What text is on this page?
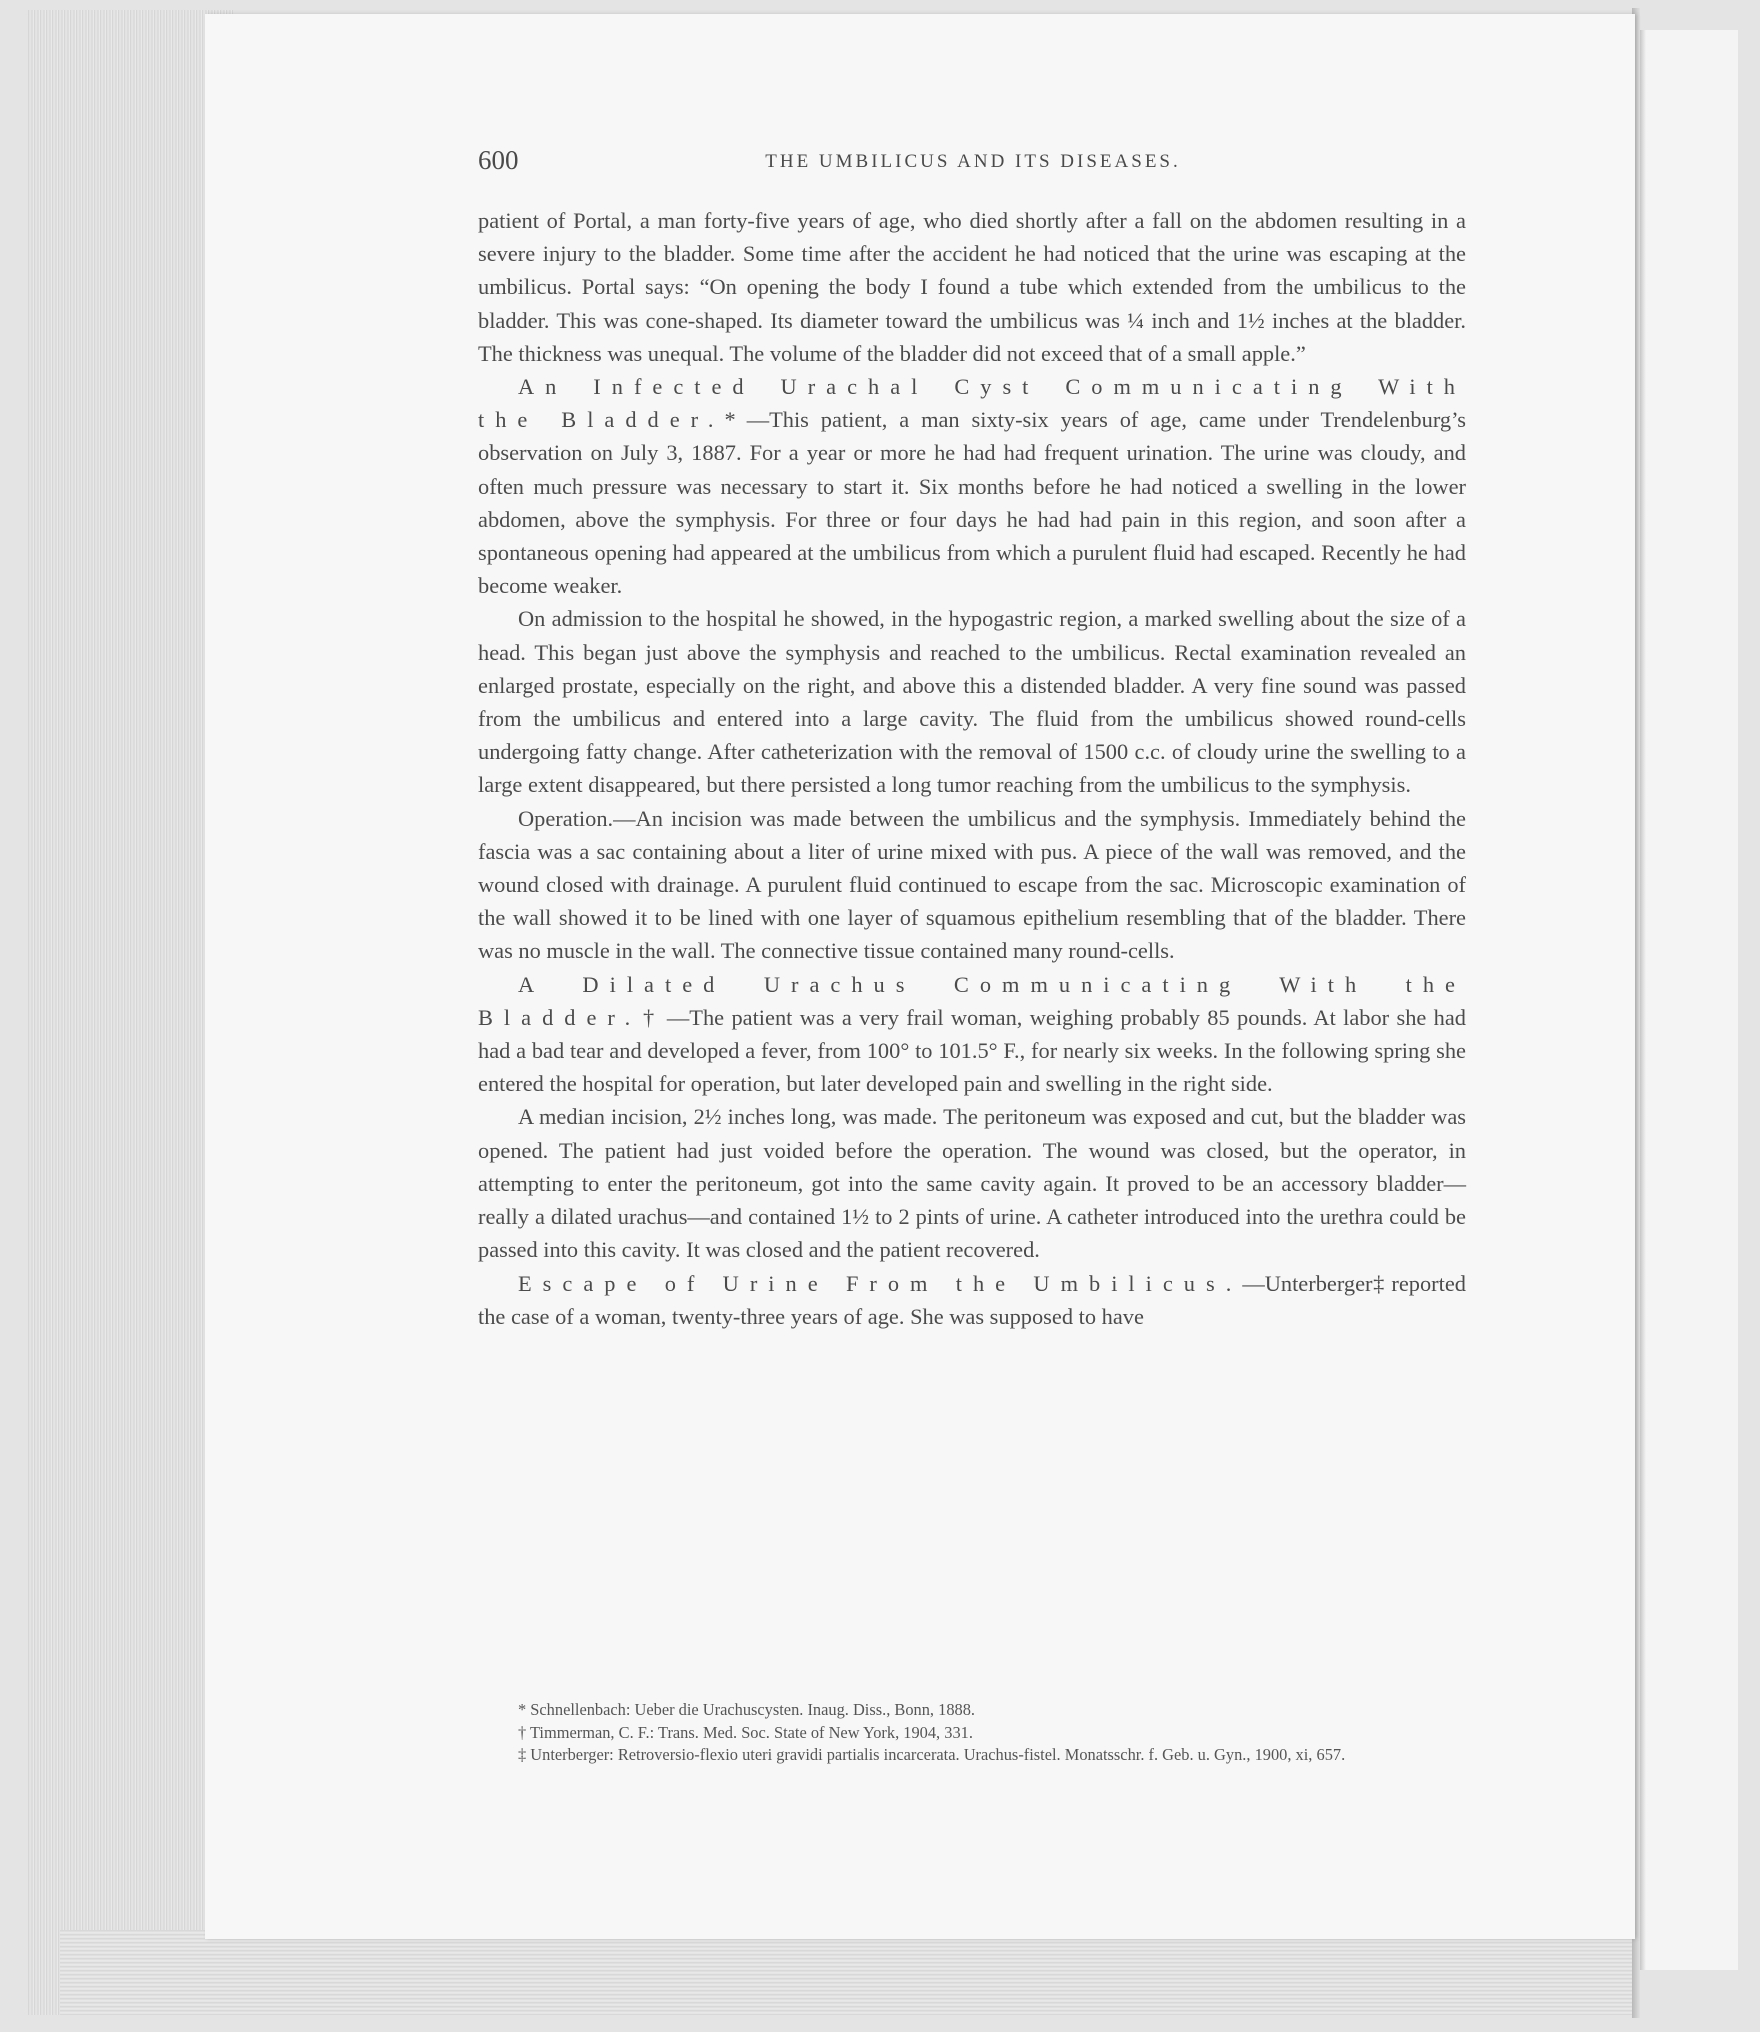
600	THE UMBILICUS AND ITS DISEASES.

patient of Portal, a man forty-five years of age, who died shortly after a fall on the abdomen resulting in a severe injury to the bladder. Some time after the accident he had noticed that the urine was escaping at the umbilicus. Portal says: “On opening the body I found a tube which extended from the umbilicus to the bladder. This was cone-shaped. Its diameter toward the umbilicus was ¼ inch and 1½ inches at the bladder. The thickness was unequal. The volume of the bladder did not exceed that of a small apple.”

An Infected Urachal Cyst Communicating With the Bladder.*—This patient, a man sixty-six years of age, came under Trendelenburg’s observation on July 3, 1887. For a year or more he had had frequent urination. The urine was cloudy, and often much pressure was necessary to start it. Six months before he had noticed a swelling in the lower abdomen, above the symphysis. For three or four days he had had pain in this region, and soon after a spontaneous opening had appeared at the umbilicus from which a purulent fluid had escaped. Recently he had become weaker.

On admission to the hospital he showed, in the hypogastric region, a marked swelling about the size of a head. This began just above the symphysis and reached to the umbilicus. Rectal examination revealed an enlarged prostate, especially on the right, and above this a distended bladder. A very fine sound was passed from the umbilicus and entered into a large cavity. The fluid from the umbilicus showed round-cells undergoing fatty change. After catheterization with the removal of 1500 c.c. of cloudy urine the swelling to a large extent disappeared, but there persisted a long tumor reaching from the umbilicus to the symphysis.

Operation.—An incision was made between the umbilicus and the symphysis. Immediately behind the fascia was a sac containing about a liter of urine mixed with pus. A piece of the wall was removed, and the wound closed with drainage. A purulent fluid continued to escape from the sac. Microscopic examination of the wall showed it to be lined with one layer of squamous epithelium resembling that of the bladder. There was no muscle in the wall. The connective tissue contained many round-cells.

A Dilated Urachus Communicating With the Bladder.†—The patient was a very frail woman, weighing probably 85 pounds. At labor she had had a bad tear and developed a fever, from 100° to 101.5° F., for nearly six weeks. In the following spring she entered the hospital for operation, but later developed pain and swelling in the right side.

A median incision, 2½ inches long, was made. The peritoneum was exposed and cut, but the bladder was opened. The patient had just voided before the operation. The wound was closed, but the operator, in attempting to enter the peritoneum, got into the same cavity again. It proved to be an accessory bladder—really a dilated urachus—and contained 1½ to 2 pints of urine. A catheter introduced into the urethra could be passed into this cavity. It was closed and the patient recovered.

Escape of Urine From the Umbilicus.—Unterberger‡ reported the case of a woman, twenty-three years of age. She was supposed to have

* Schnellenbach: Ueber die Urachuscysten. Inaug. Diss., Bonn, 1888.

† Timmerman, C. F.: Trans. Med. Soc. State of New York, 1904, 331.

‡ Unterberger: Retroversio-flexio uteri gravidi partialis incarcerata. Urachus-fistel. Monatsschr. f. Geb. u. Gyn., 1900, xi, 657.
